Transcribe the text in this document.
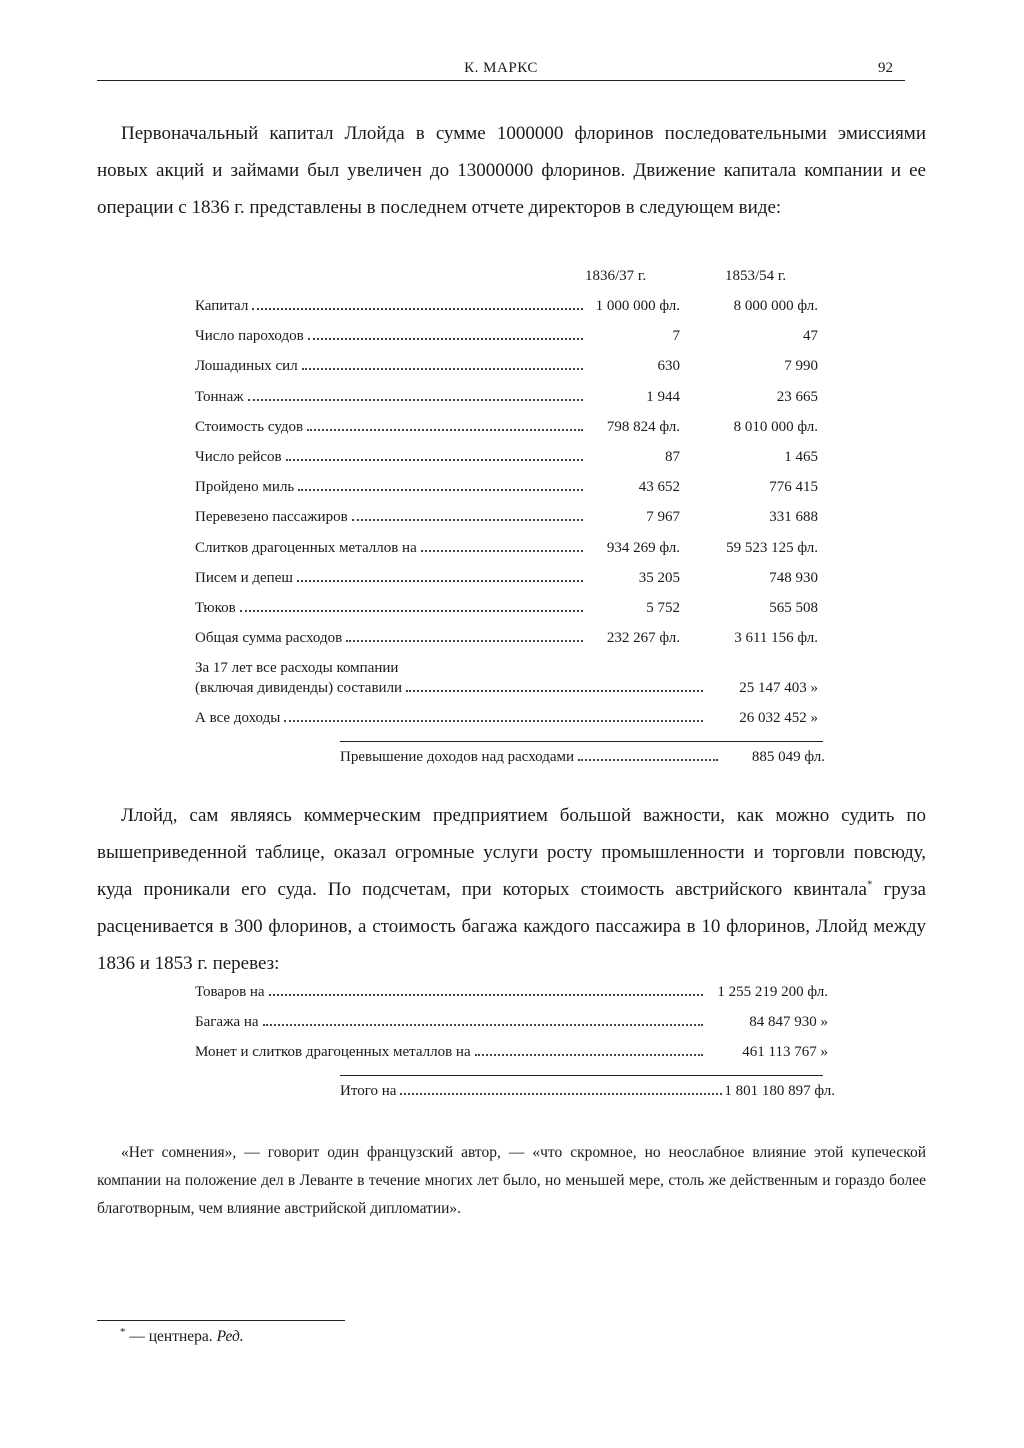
К. МАРКС	92

Первоначальный капитал Ллойда в сумме 1000000 флоринов последовательными эмиссиями новых акций и займами был увеличен до 13000000 флоринов. Движение капитала компании и ее операции с 1836 г. представлены в последнем отчете директоров в следующем виде:

1836/37 г.	1853/54 г.
Капитал	1 000 000 фл.	8 000 000 фл.
Число пароходов	7	47
Лошадиных сил	630	7 990
Тоннаж	1 944	23 665
Стоимость судов	798 824 фл.	8 010 000 фл.
Число рейсов	87	1 465
Пройдено миль	43 652	776 415
Перевезено пассажиров	7 967	331 688
Слитков драгоценных металлов на	934 269 фл.	59 523 125 фл.
Писем и депеш	35 205	748 930
Тюков	5 752	565 508
Общая сумма расходов	232 267 фл.	3 611 156 фл.
За 17 лет все расходы компании
(включая дивиденды) составили	25 147 403 »
А все доходы	26 032 452 »
Превышение доходов над расходами	885 049 фл.

Ллойд, сам являясь коммерческим предприятием большой важности, как можно судить по вышеприведенной таблице, оказал огромные услуги росту промышленности и торговли повсюду, куда проникали его суда. По подсчетам, при которых стоимость австрийского квинтала* груза расценивается в 300 флоринов, а стоимость багажа каждого пассажира в 10 флоринов, Ллойд между 1836 и 1853 г. перевез:

Товаров на	1 255 219 200 фл.
Багажа на	84 847 930 »
Монет и слитков драгоценных металлов на	461 113 767 »
Итого на	1 801 180 897 фл.

«Нет сомнения», — говорит один французский автор, — «что скромное, но неослабное влияние этой купеческой компании на положение дел в Леванте в течение многих лет было, но меньшей мере, столь же действенным и гораздо более благотворным, чем влияние австрийской дипломатии».

* — центнера. Ред.
